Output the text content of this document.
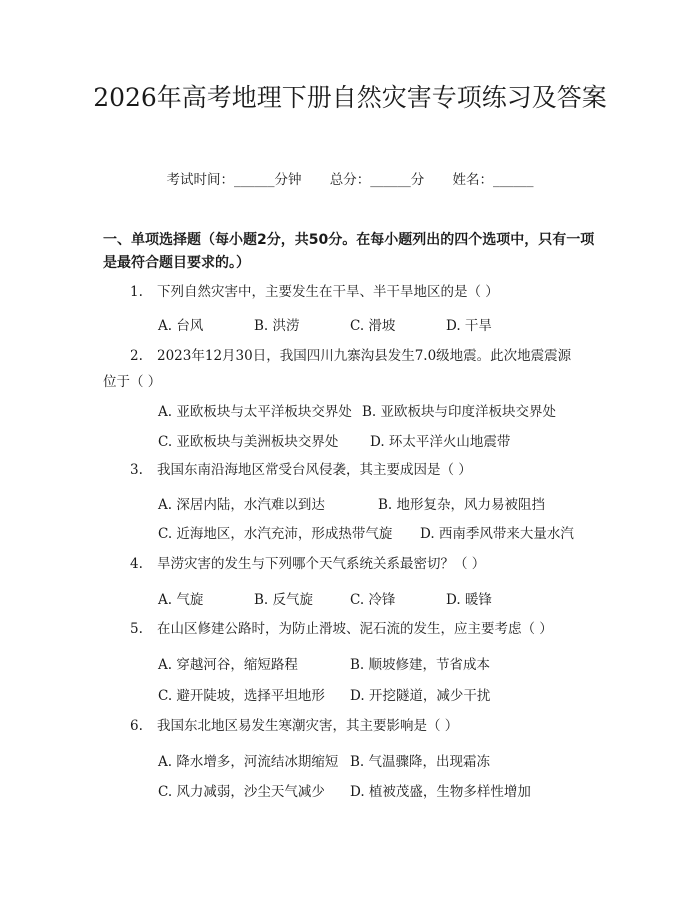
2026年高考地理下册自然灾害专项练习及答案
考试时间：______分钟 总分：______分 姓名：______
一、单项选择题（每小题2分，共50分。在每小题列出的四个选项中，只有一项是最符合题目要求的。）
1. 下列自然灾害中，主要发生在干旱、半干旱地区的是（ ）
A. 台风	B. 洪涝	C. 滑坡	D. 干旱
2. 2023年12月30日，我国四川九寨沟县发生7.0级地震。此次地震震源
位于（ ）
A. 亚欧板块与太平洋板块交界处 B. 亚欧板块与印度洋板块交界处
C. 亚欧板块与美洲板块交界处 D. 环太平洋火山地震带
3. 我国东南沿海地区常受台风侵袭，其主要成因是（ ）
A. 深居内陆，水汽难以到达	B. 地形复杂，风力易被阻挡
C. 近海地区，水汽充沛，形成热带气旋 D. 西南季风带来大量水汽
4. 旱涝灾害的发生与下列哪个天气系统关系最密切？（ ）
A. 气旋	B. 反气旋	C. 冷锋	D. 暖锋
5. 在山区修建公路时，为防止滑坡、泥石流的发生，应主要考虑（ ）
A. 穿越河谷，缩短路程	B. 顺坡修建，节省成本
C. 避开陡坡，选择平坦地形 D. 开挖隧道，减少干扰
6. 我国东北地区易发生寒潮灾害，其主要影响是（ ）
A. 降水增多，河流结冰期缩短 B. 气温骤降，出现霜冻
C. 风力减弱，沙尘天气减少 D. 植被茂盛，生物多样性增加
